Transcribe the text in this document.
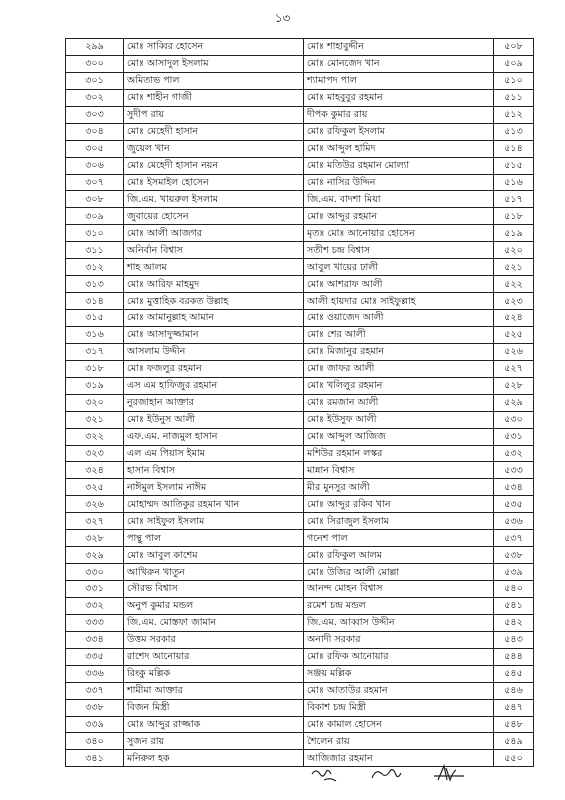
১৩
২৯৯	মোঃ সাব্বির হোসেন	মোঃ শাহাবুদ্দীন	৫০৮
৩০০	মোঃ আসাদুল ইসলাম	মোঃ মোনজেদ খান	৫০৯
৩০১	অমিতাভ পাল	শ্যামাপদ পাল	৫১০
৩০২	মোঃ শাহীন গাজী	মোঃ মাহবুবুর রহমান	৫১১
৩০৩	সুদীপ রায়	দীপক কুমার রায়	৫১২
৩০৪	মোঃ মেহেদী হাসান	মোঃ রফিকুল ইসলাম	৫১৩
৩০৫	জুয়েল খান	মোঃ আব্দুল হামিদ	৫১৪
৩০৬	মোঃ মেহেদী হাসান নয়ন	মোঃ মতিউর রহমান মোল্যা	৫১৫
৩০৭	মোঃ ইসমাইল হোসেন	মোঃ নাসির উদ্দিন	৫১৬
৩০৮	জি.এম. খায়রুল ইসলাম	জি.এম. বাদশা মিয়া	৫১৭
৩০৯	জুবায়ের হোসেন	মোঃ আব্দুর রহমান	৫১৮
৩১০	মোঃ আলী আজগর	মৃতঃ মোঃ আনোয়ার হোসেন	৫১৯
৩১১	অনির্বান বিশ্বাস	সতীশ চন্দ্র বিশ্বাস	৫২০
৩১২	শাহ আলম	আবুল খায়ের ঢালী	৫২১
৩১৩	মোঃ আরিফ মাহমুদ	মোঃ আশরাফ আলী	৫২২
৩১৪	মোঃ মুত্তাহিক বরকত উল্লাহ	আলী হায়দার মোঃ সাইফুল্লাহ	৫২৩
৩১৫	মোঃ আমানুল্লাহ আমান	মোঃ ওয়াজেদ আলী	৫২৪
৩১৬	মোঃ আসাদুজ্জামান	মোঃ শের আলী	৫২৫
৩১৭	আসলাম উদ্দীন	মোঃ মিজানুর রহমান	৫২৬
৩১৮	মোঃ ফজলুর রহমান	মোঃ জাফর আলী	৫২৭
৩১৯	এস এম হাফিজুর রহমান	মোঃ খলিলুর রহমান	৫২৮
৩২০	নুরজাহান আক্তার	মোঃ রমজান আলী	৫২৯
৩২১	মোঃ ইউনুস আলী	মোঃ ইউসুফ আলী	৫৩০
৩২২	এফ.এম. নাজমুল হাসান	মোঃ আব্দুল আজিজ	৫৩১
৩২৩	এল এম পিয়াস ইমাম	মশিউর রহমান লস্কর	৫৩২
৩২৪	হাসান বিশ্বাস	মান্নান বিশ্বাস	৫৩৩
৩২৫	নাঈমুল ইসলাম নাঈম	মীর মুনসুর আলী	৫৩৪
৩২৬	মোহাম্মদ আতিকুর রহমান খান	মোঃ আব্দুর রকিব খান	৫৩৫
৩২৭	মোঃ সাইফুল ইসলাম	মোঃ সিরাজুল ইসলাম	৫৩৬
৩২৮	পান্থু পাল	গনেশ পাল	৫৩৭
৩২৯	মোঃ আবুল কাশেম	মোঃ রফিকুল আলম	৫৩৮
৩৩০	আখিরুন খাতুন	মোঃ উজির আলী মোল্লা	৫৩৯
৩৩১	সৌরভ বিশ্বাস	আনন্দ মোহন বিশ্বাস	৫৪০
৩৩২	অনুপ কুমার মন্ডল	রমেশ চন্দ্র মন্ডল	৫৪১
৩৩৩	জি.এম. মোস্তফা জামান	জি.এম. আব্বাস উদ্দীন	৫৪২
৩৩৪	উত্তম সরকার	অনাদী সরকার	৫৪৩
৩৩৫	রাশেদ আনোয়ার	মোঃ রফিক আনোয়ার	৫৪৪
৩৩৬	রিংকু মল্লিক	সঞ্জয় মল্লিক	৫৪৫
৩৩৭	শামীমা আক্তার	মোঃ আতাউর রহমান	৫৪৬
৩৩৮	বিজন মিস্ত্রী	বিকাশ চন্দ্র মিস্ত্রী	৫৪৭
৩৩৯	মোঃ আব্দুর রাজ্জাক	মোঃ কামাল হোসেন	৫৪৮
৩৪০	সুজন রায়	শৈলেন রায়	৫৪৯
৩৪১	মনিরুল হক	আজিজার রহমান	৫৫০
